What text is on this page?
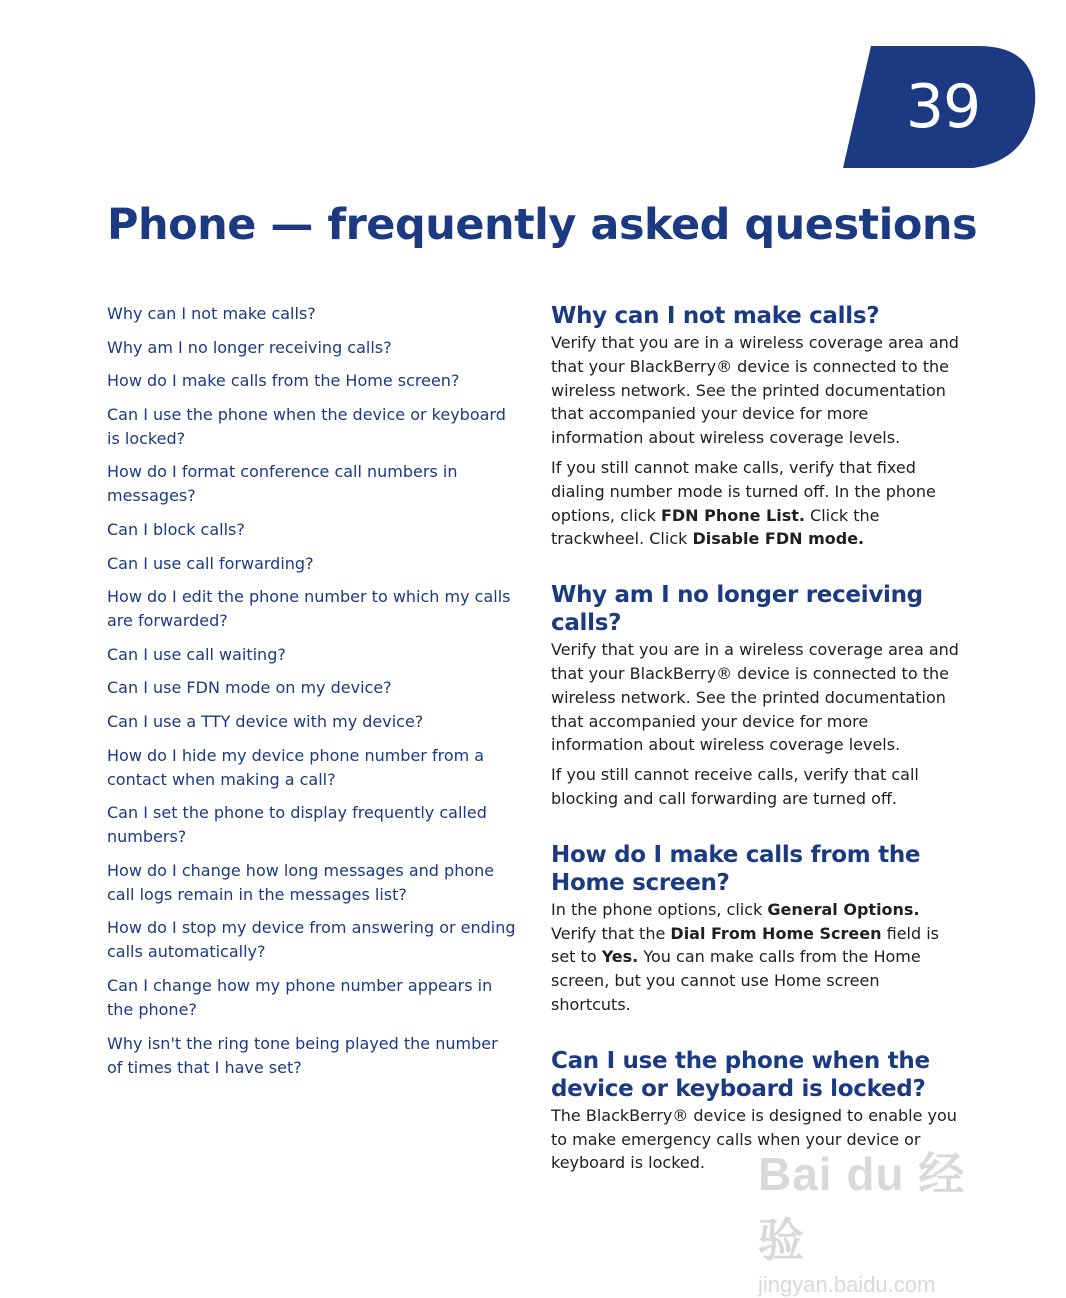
39
Phone — frequently asked questions
Why can I not make calls?
Why am I no longer receiving calls?
How do I make calls from the Home screen?
Can I use the phone when the device or keyboard is locked?
How do I format conference call numbers in messages?
Can I block calls?
Can I use call forwarding?
How do I edit the phone number to which my calls are forwarded?
Can I use call waiting?
Can I use FDN mode on my device?
Can I use a TTY device with my device?
How do I hide my device phone number from a contact when making a call?
Can I set the phone to display frequently called numbers?
How do I change how long messages and phone call logs remain in the messages list?
How do I stop my device from answering or ending calls automatically?
Can I change how my phone number appears in the phone?
Why isn't the ring tone being played the number of times that I have set?
Why can I not make calls?

Verify that you are in a wireless coverage area and that your BlackBerry® device is connected to the wireless network. See the printed documentation that accompanied your device for more information about wireless coverage levels.

If you still cannot make calls, verify that fixed dialing number mode is turned off. In the phone options, click FDN Phone List. Click the trackwheel. Click Disable FDN mode.

Why am I no longer receiving calls?

Verify that you are in a wireless coverage area and that your BlackBerry® device is connected to the wireless network. See the printed documentation that accompanied your device for more information about wireless coverage levels.

If you still cannot receive calls, verify that call blocking and call forwarding are turned off.

How do I make calls from the Home screen?

In the phone options, click General Options. Verify that the Dial From Home Screen field is set to Yes. You can make calls from the Home screen, but you cannot use Home screen shortcuts.

Can I use the phone when the device or keyboard is locked?

The BlackBerry® device is designed to enable you to make emergency calls when your device or keyboard is locked.	Bai du 经验
jingyan.baidu.com
